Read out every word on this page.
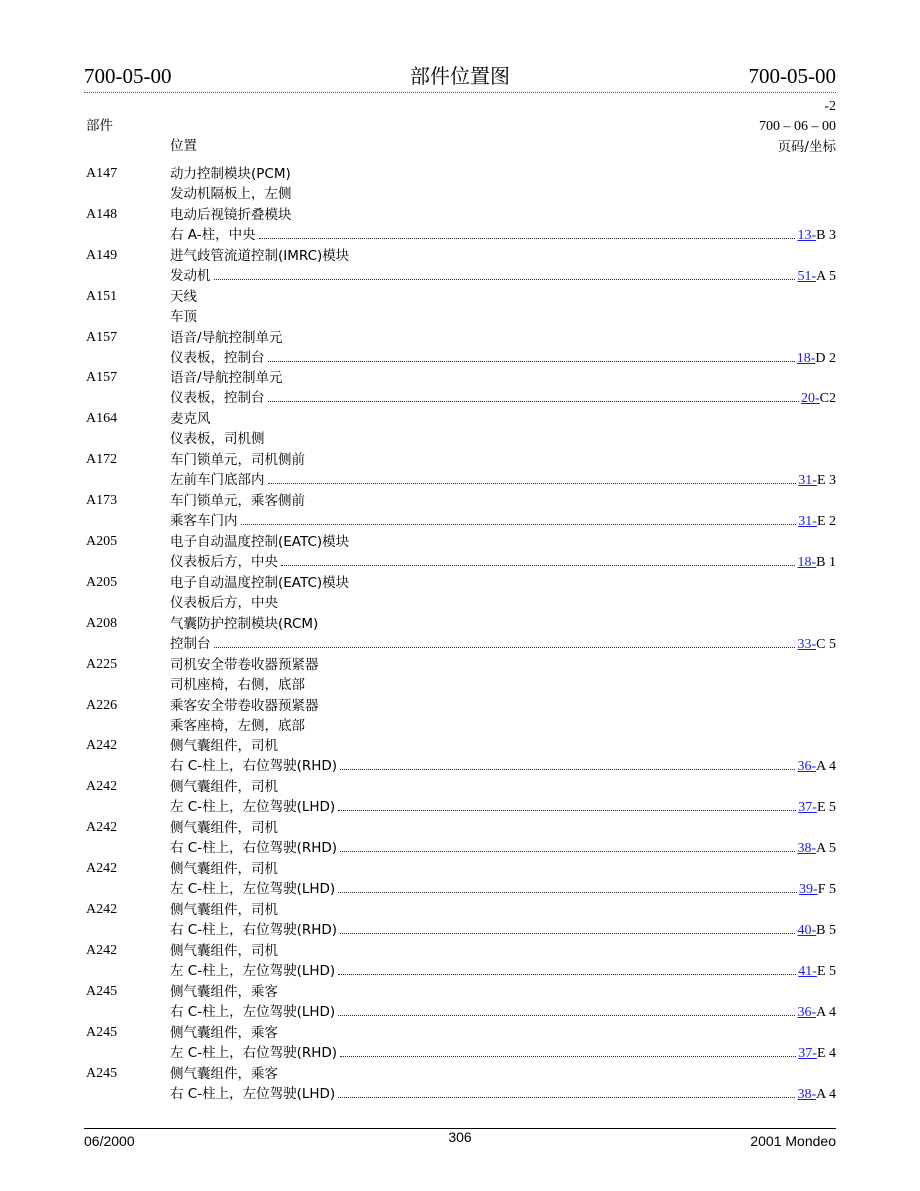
700-05-00	部件位置图	700-05-00
-2
700 – 06 – 00
页码/坐标
部件
位置
A147	动力控制模块(PCM)
发动机隔板上，左侧
A148	电动后视镜折叠模块
右 A-柱，中央	13-B 3
A149	进气歧管流道控制(IMRC)模块
发动机	51-A 5
A151	天线
车顶
A157	语音/导航控制单元
仪表板，控制台	18-D 2
A157	语音/导航控制单元
仪表板，控制台	20-C2
A164	麦克风
仪表板，司机侧
A172	车门锁单元，司机侧前
左前车门底部内	31-E 3
A173	车门锁单元，乘客侧前
乘客车门内	31-E 2
A205	电子自动温度控制(EATC)模块
仪表板后方，中央	18-B 1
A205	电子自动温度控制(EATC)模块
仪表板后方，中央
A208	气囊防护控制模块(RCM)
控制台	33-C 5
A225	司机安全带卷收器预紧器
司机座椅，右侧，底部
A226	乘客安全带卷收器预紧器
乘客座椅，左侧，底部
A242	侧气囊组件，司机
右 C-柱上，右位驾驶(RHD)	36-A 4
A242	侧气囊组件，司机
左 C-柱上，左位驾驶(LHD)	37-E 5
A242	侧气囊组件，司机
右 C-柱上，右位驾驶(RHD)	38-A 5
A242	侧气囊组件，司机
左 C-柱上，左位驾驶(LHD)	39-F 5
A242	侧气囊组件，司机
右 C-柱上，右位驾驶(RHD)	40-B 5
A242	侧气囊组件，司机
左 C-柱上，左位驾驶(LHD)	41-E 5
A245	侧气囊组件，乘客
右 C-柱上，左位驾驶(LHD)	36-A 4
A245	侧气囊组件，乘客
左 C-柱上，右位驾驶(RHD)	37-E 4
A245	侧气囊组件，乘客
右 C-柱上，左位驾驶(LHD)	38-A 4
06/2000	306	2001 Mondeo
